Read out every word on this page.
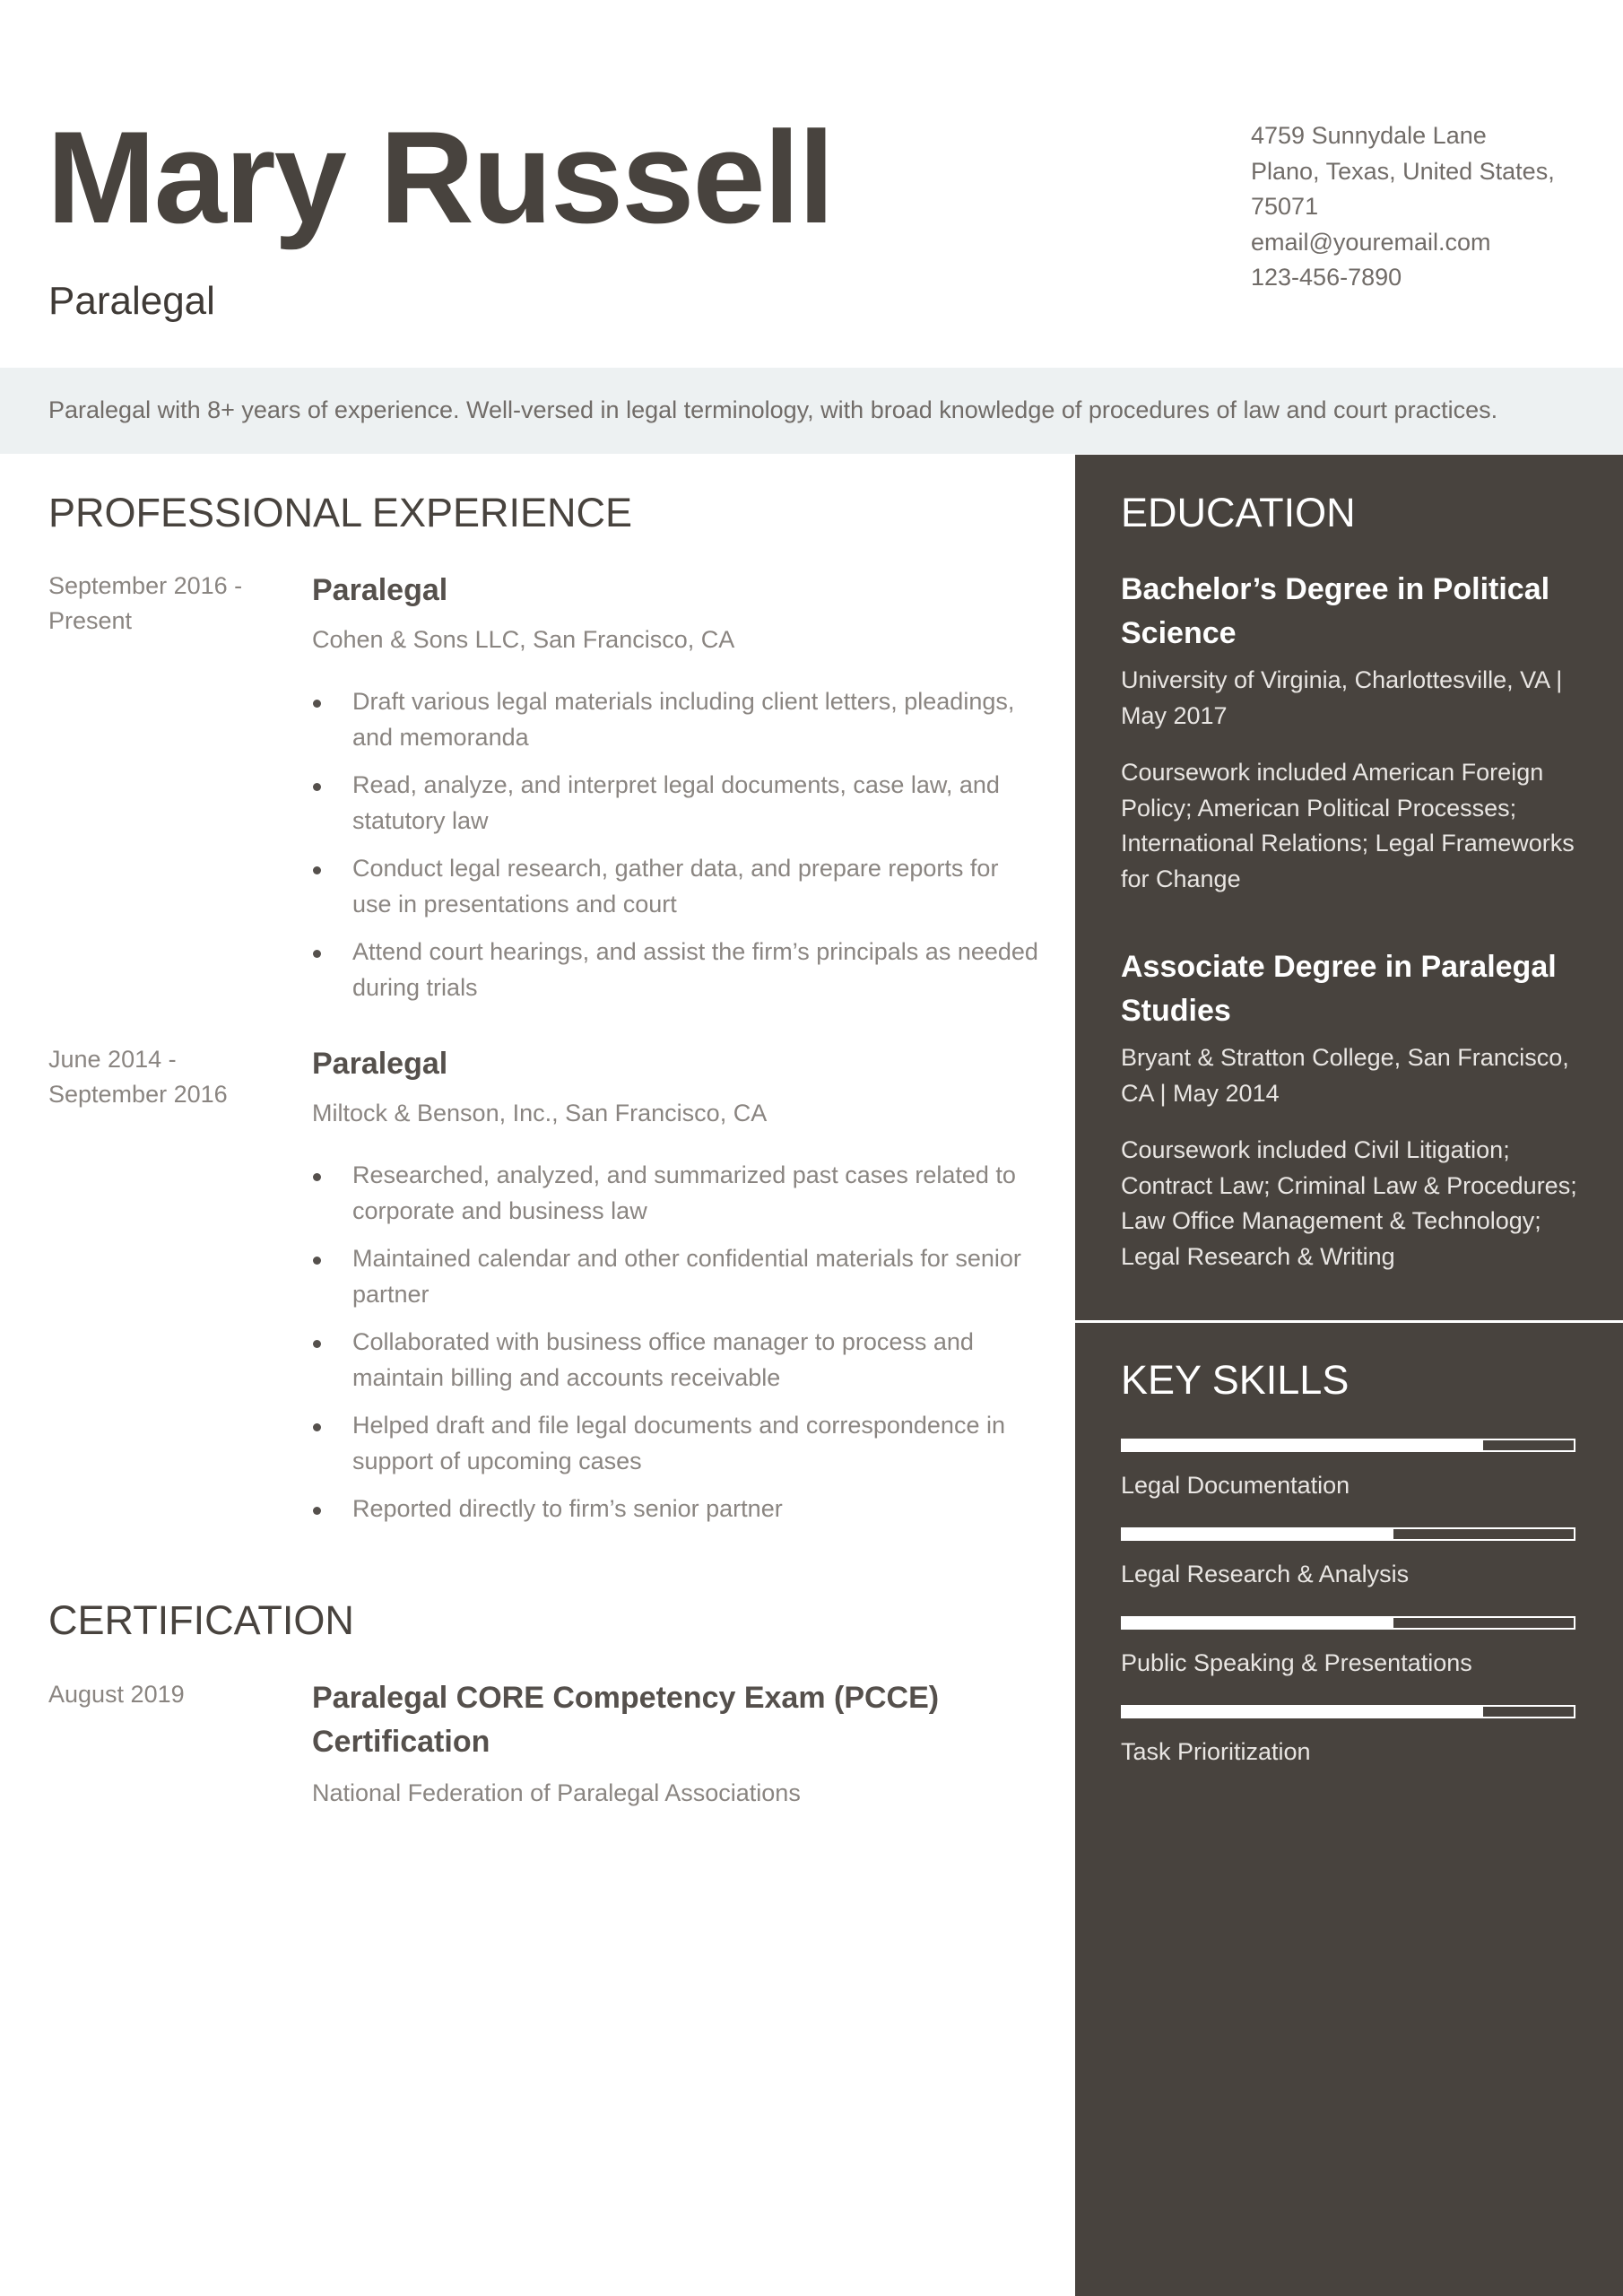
Mary Russell
Paralegal
4759 Sunnydale Lane
Plano, Texas, United States,
75071
email@youremail.com
123-456-7890
Paralegal with 8+ years of experience. Well-versed in legal terminology, with broad knowledge of procedures of law and court practices.
PROFESSIONAL EXPERIENCE
September 2016 -
Present
Paralegal
Cohen & Sons LLC, San Francisco, CA
Draft various legal materials including client letters, pleadings, and memoranda
Read, analyze, and interpret legal documents, case law, and statutory law
Conduct legal research, gather data, and prepare reports for use in presentations and court
Attend court hearings, and assist the firm’s principals as needed during trials
June 2014 -
September 2016
Paralegal
Miltock & Benson, Inc., San Francisco, CA
Researched, analyzed, and summarized past cases related to corporate and business law
Maintained calendar and other confidential materials for senior partner
Collaborated with business office manager to process and maintain billing and accounts receivable
Helped draft and file legal documents and correspondence in support of upcoming cases
Reported directly to firm’s senior partner
CERTIFICATION
August 2019	Paralegal CORE Competency Exam (PCCE) Certification
National Federation of Paralegal Associations
EDUCATION
Bachelor’s Degree in Political Science
University of Virginia, Charlottesville, VA | May 2017
Coursework included American Foreign Policy; American Political Processes; International Relations; Legal Frameworks for Change
Associate Degree in Paralegal Studies
Bryant & Stratton College, San Francisco, CA | May 2014
Coursework included Civil Litigation; Contract Law; Criminal Law & Procedures; Law Office Management & Technology; Legal Research & Writing
KEY SKILLS
Legal Documentation
Legal Research & Analysis
Public Speaking & Presentations
Task Prioritization
